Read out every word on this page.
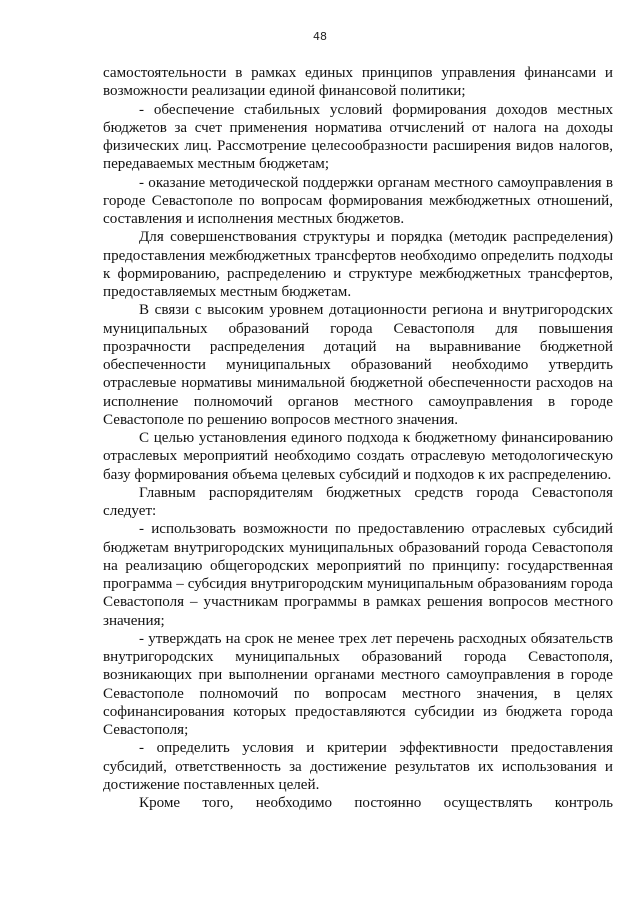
48

самостоятельности в рамках единых принципов управления финансами и возможности реализации единой финансовой политики;

- обеспечение стабильных условий формирования доходов местных бюджетов за счет применения норматива отчислений от налога на доходы физических лиц. Рассмотрение целесообразности расширения видов налогов, передаваемых местным бюджетам;

- оказание методической поддержки органам местного самоуправления в городе Севастополе по вопросам формирования межбюджетных отношений, составления и исполнения местных бюджетов.

Для совершенствования структуры и порядка (методик распределения) предоставления межбюджетных трансфертов необходимо определить подходы к формированию, распределению и структуре межбюджетных трансфертов, предоставляемых местным бюджетам.

В связи с высоким уровнем дотационности региона и внутригородских муниципальных образований города Севастополя для повышения прозрачности распределения дотаций на выравнивание бюджетной обеспеченности муниципальных образований необходимо утвердить отраслевые нормативы минимальной бюджетной обеспеченности расходов на исполнение полномочий органов местного самоуправления в городе Севастополе по решению вопросов местного значения.

С целью установления единого подхода к бюджетному финансированию отраслевых мероприятий необходимо создать отраслевую методологическую базу формирования объема целевых субсидий и подходов к их распределению.

Главным распорядителям бюджетных средств города Севастополя следует:

- использовать возможности по предоставлению отраслевых субсидий бюджетам внутригородских муниципальных образований города Севастополя на реализацию общегородских мероприятий по принципу: государственная программа – субсидия внутригородским муниципальным образованиям города Севастополя – участникам программы в рамках решения вопросов местного значения;

- утверждать на срок не менее трех лет перечень расходных обязательств внутригородских муниципальных образований города Севастополя, возникающих при выполнении органами местного самоуправления в городе Севастополе полномочий по вопросам местного значения, в целях софинансирования которых предоставляются субсидии из бюджета города Севастополя;

- определить условия и критерии эффективности предоставления субсидий, ответственность за достижение результатов их использования и достижение поставленных целей.

Кроме того, необходимо постоянно осуществлять контроль
